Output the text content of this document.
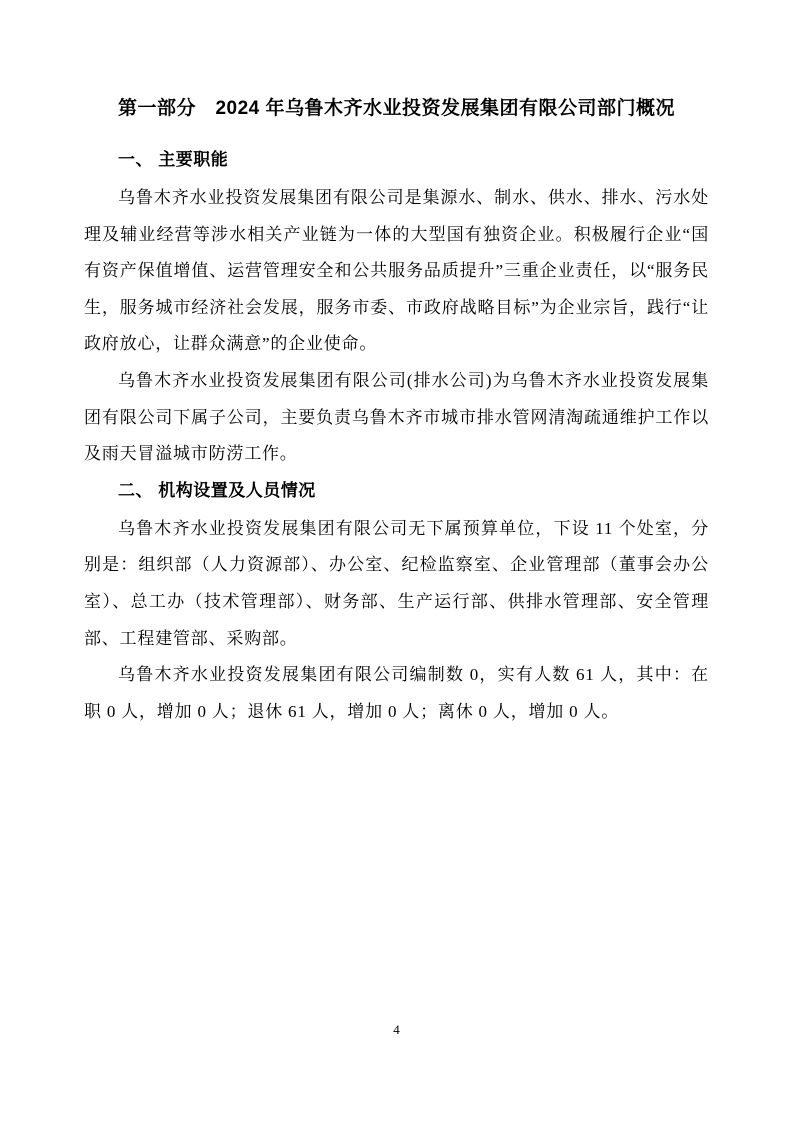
第一部分　2024 年乌鲁木齐水业投资发展集团有限公司部门概况
一、 主要职能

乌鲁木齐水业投资发展集团有限公司是集源水、制水、供水、排水、污水处理及辅业经营等涉水相关产业链为一体的大型国有独资企业。积极履行企业“国有资产保值增值、运营管理安全和公共服务品质提升”三重企业责任，以“服务民生，服务城市经济社会发展，服务市委、市政府战略目标”为企业宗旨，践行“让政府放心，让群众满意”的企业使命。

乌鲁木齐水业投资发展集团有限公司(排水公司)为乌鲁木齐水业投资发展集团有限公司下属子公司，主要负责乌鲁木齐市城市排水管网清淘疏通维护工作以及雨天冒溢城市防涝工作。

二、 机构设置及人员情况

乌鲁木齐水业投资发展集团有限公司无下属预算单位，下设 11 个处室，分别是：组织部（人力资源部）、办公室、纪检监察室、企业管理部（董事会办公室）、总工办（技术管理部）、财务部、生产运行部、供排水管理部、安全管理部、工程建管部、采购部。

乌鲁木齐水业投资发展集团有限公司编制数 0，实有人数 61 人，其中：在职 0 人，增加 0 人；退休 61 人，增加 0 人；离休 0 人，增加 0 人。

4
